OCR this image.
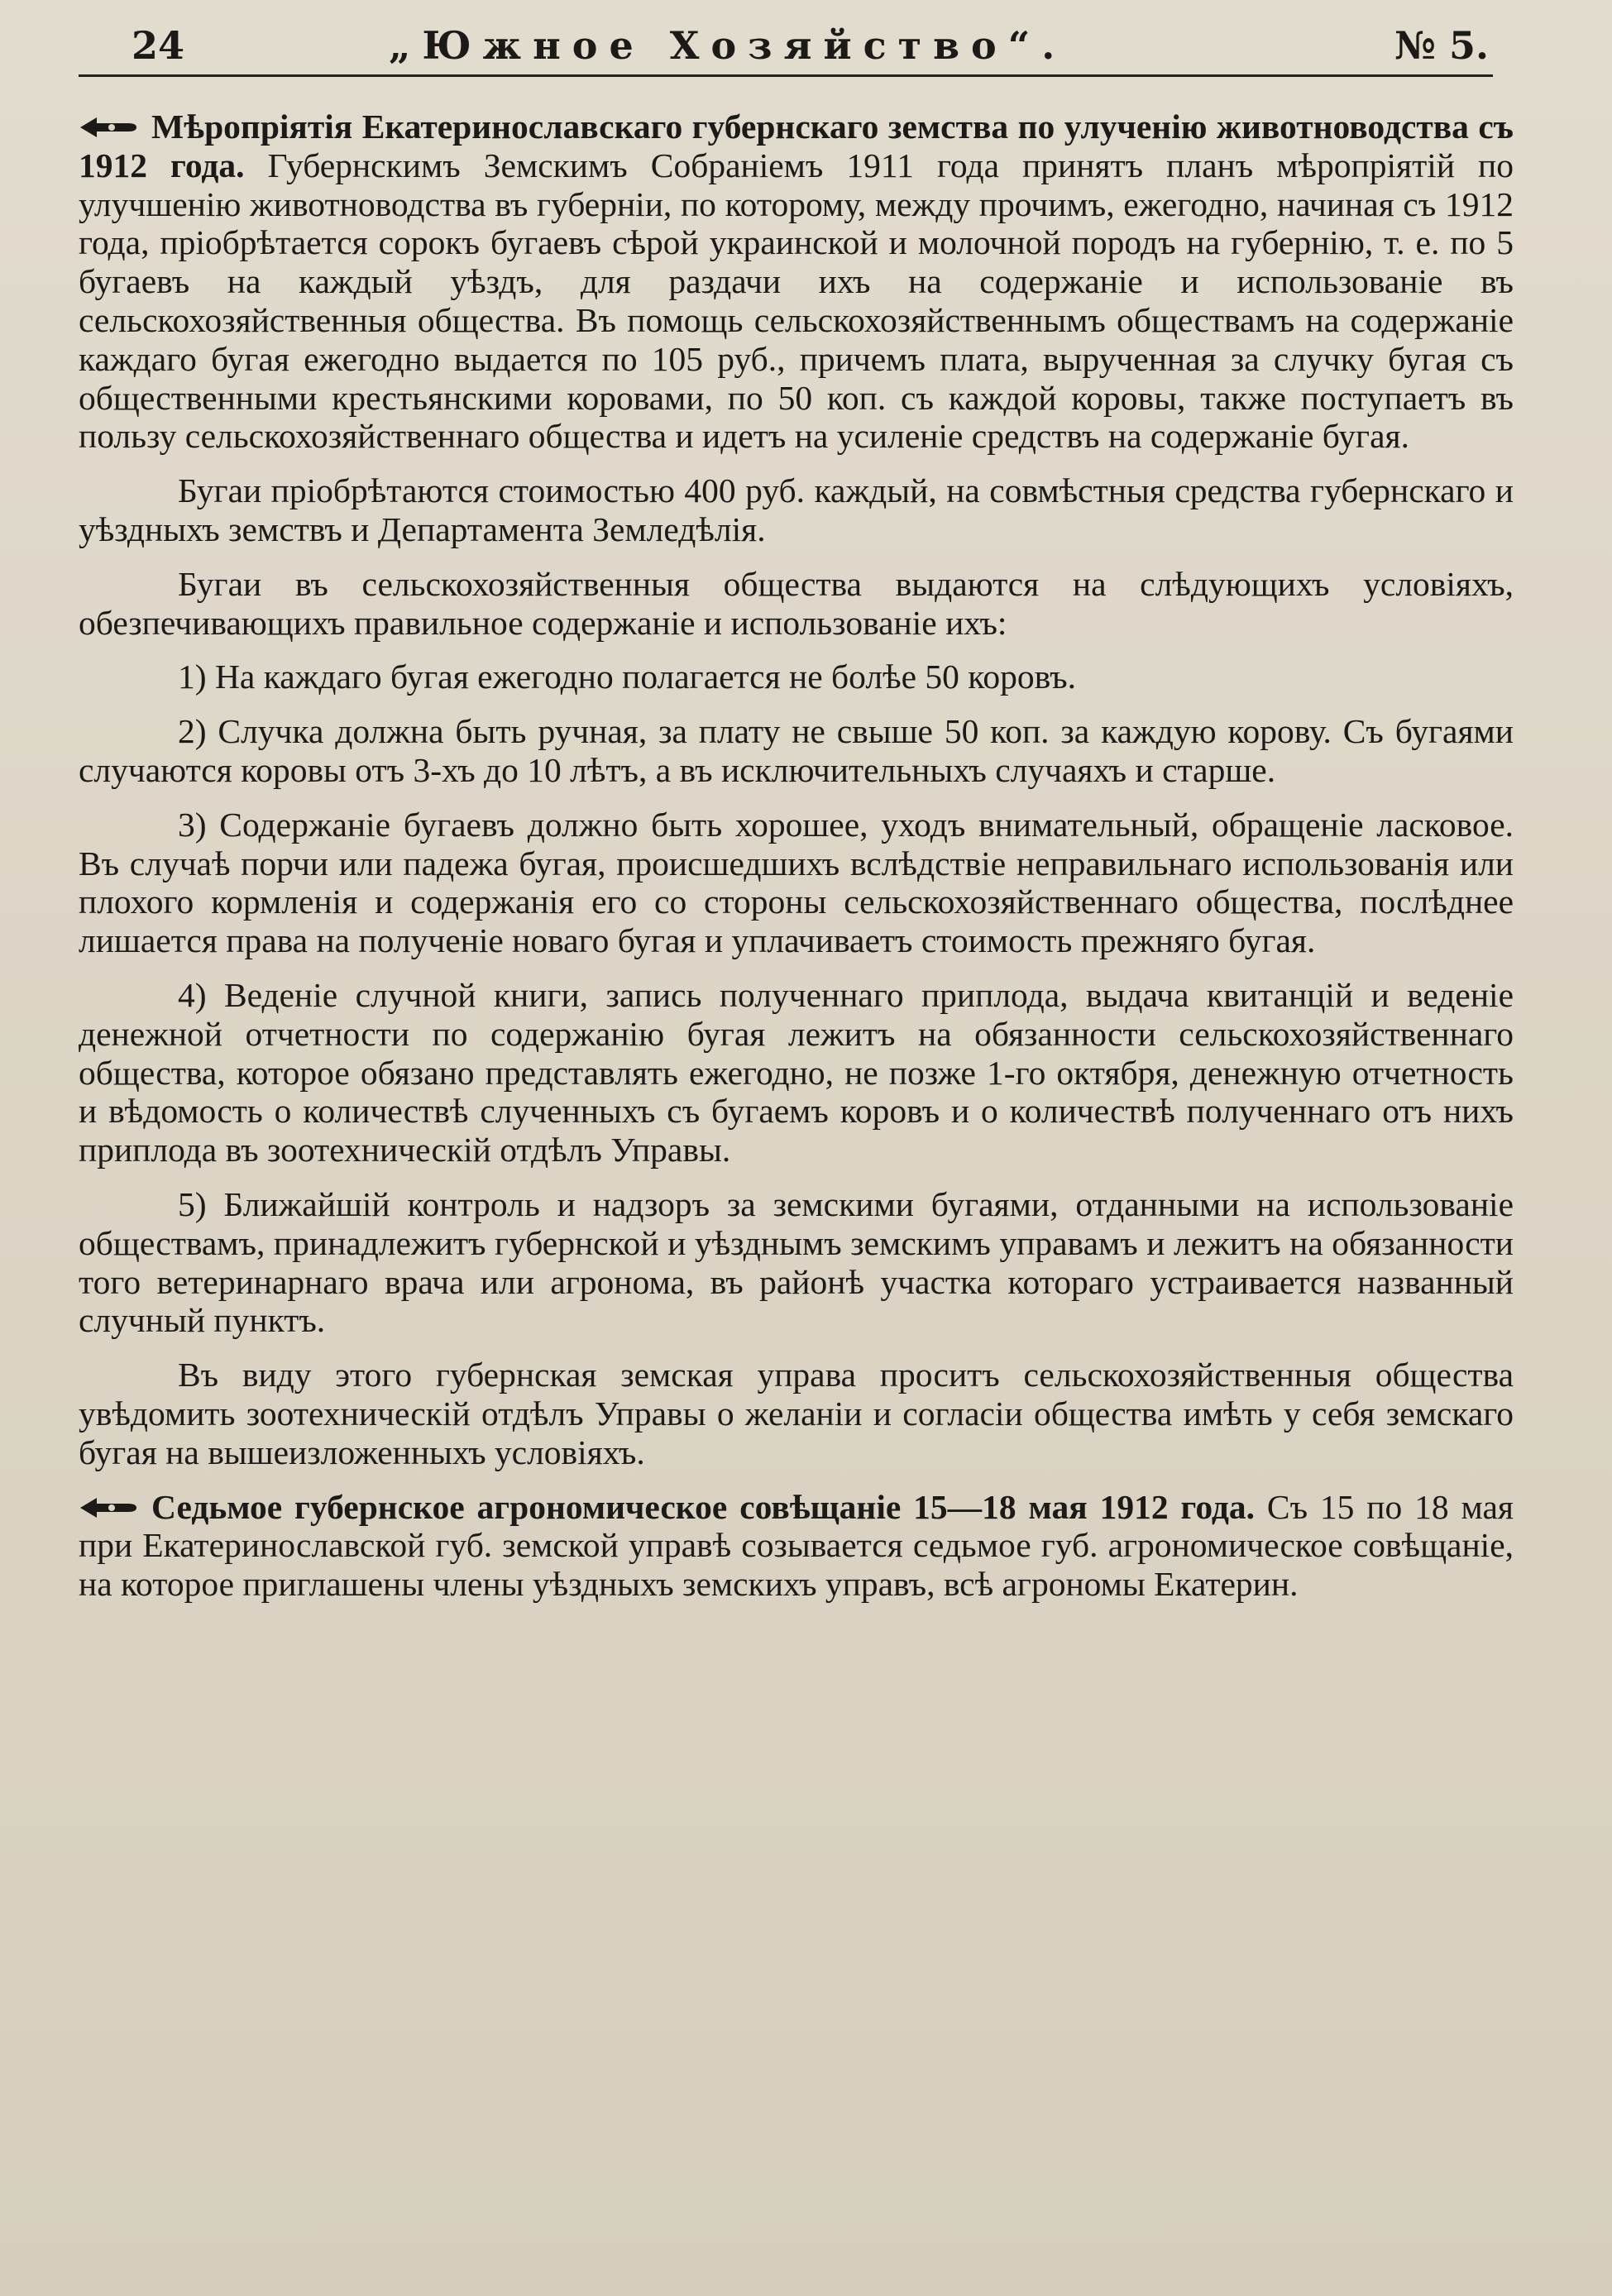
24	„Южное Хозяйство“.	№ 5.

Мѣропріятія Екатеринославскаго губернскаго земства по улученію животноводства съ 1912 года. Губернскимъ Земскимъ Собраніемъ 1911 года принятъ планъ мѣропріятій по улучшенію животноводства въ губерніи, по которому, между прочимъ, ежегодно, начиная съ 1912 года, пріобрѣтается сорокъ бугаевъ сѣрой украинской и молочной породъ на губернію, т. е. по 5 бугаевъ на каждый уѣздъ, для раздачи ихъ на содержаніе и использованіе въ сельскохозяйственныя общества. Въ помощь сельскохозяйственнымъ обществамъ на содержаніе каждаго бугая ежегодно выдается по 105 руб., причемъ плата, вырученная за случку бугая съ общественными крестьянскими коровами, по 50 коп. съ каждой коровы, также поступаетъ въ пользу сельскохозяйственнаго общества и идетъ на усиленіе средствъ на содержаніе бугая.

Бугаи пріобрѣтаются стоимостью 400 руб. каждый, на совмѣстныя средства губернскаго и уѣздныхъ земствъ и Департамента Земледѣлія.

Бугаи въ сельскохозяйственныя общества выдаются на слѣдующихъ условіяхъ, обезпечивающихъ правильное содержаніе и использованіе ихъ:

1) На каждаго бугая ежегодно полагается не болѣе 50 коровъ.

2) Случка должна быть ручная, за плату не свыше 50 коп. за каждую корову. Съ бугаями случаются коровы отъ 3-хъ до 10 лѣтъ, а въ исключительныхъ случаяхъ и старше.

3) Содержаніе бугаевъ должно быть хорошее, уходъ внимательный, обращеніе ласковое. Въ случаѣ порчи или падежа бугая, происшедшихъ вслѣдствіе неправильнаго использованія или плохого кормленія и содержанія его со стороны сельскохозяйственнаго общества, послѣднее лишается права на полученіе новаго бугая и уплачиваетъ стоимость прежняго бугая.

4) Веденіе случной книги, запись полученнаго приплода, выдача квитанцій и веденіе денежной отчетности по содержанію бугая лежитъ на обязанности сельскохозяйственнаго общества, которое обязано представлять ежегодно, не позже 1-го октября, денежную отчетность и вѣдомость о количествѣ слученныхъ съ бугаемъ коровъ и о количествѣ полученнаго отъ нихъ приплода въ зоотехническій отдѣлъ Управы.

5) Ближайшій контроль и надзоръ за земскими бугаями, отданными на использованіе обществамъ, принадлежитъ губернской и уѣзднымъ земскимъ управамъ и лежитъ на обязанности того ветеринарнаго врача или агронома, въ районѣ участка котораго устраивается названный случный пунктъ.

Въ виду этого губернская земская управа проситъ сельскохозяйственныя общества увѣдомить зоотехническій отдѣлъ Управы о желаніи и согласіи общества имѣть у себя земскаго бугая на вышеизложенныхъ условіяхъ.

Седьмое губернское агрономическое совѣщаніе 15—18 мая 1912 года. Съ 15 по 18 мая при Екатеринославской губ. земской управѣ созывается седьмое губ. агрономическое совѣщаніе, на которое приглашены члены уѣздныхъ земскихъ управъ, всѣ агрономы Екатерин.
